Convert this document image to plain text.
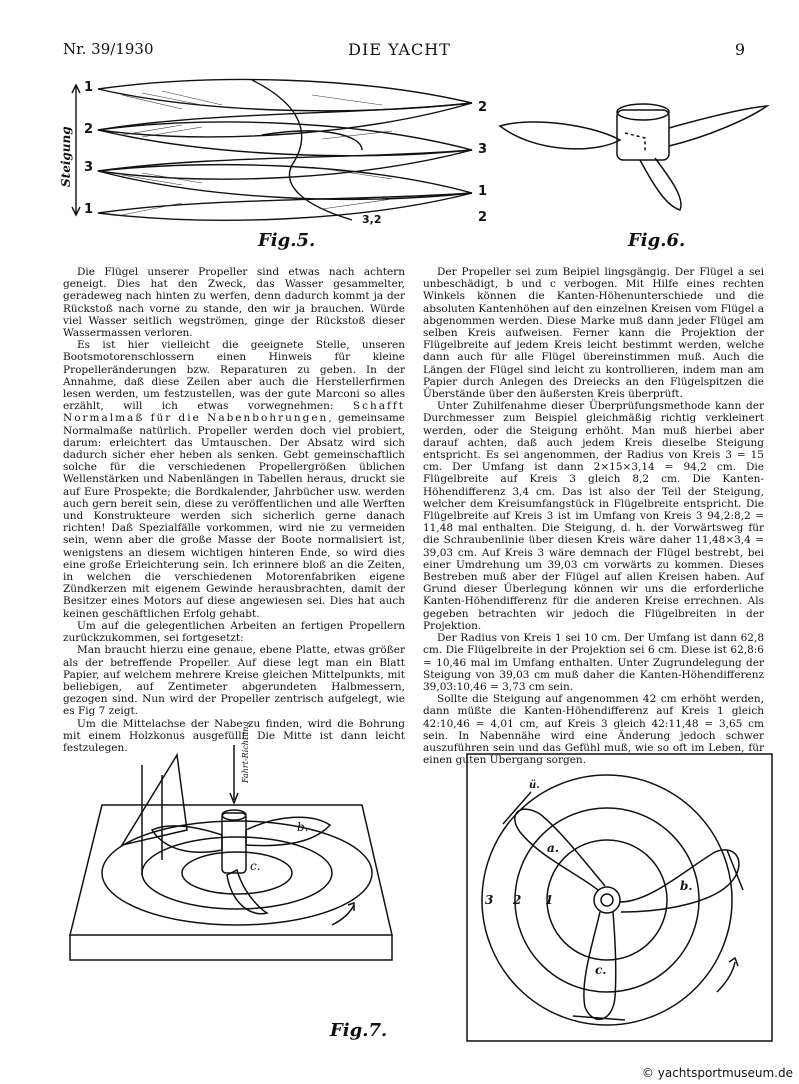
Nr. 39/1930	DIE YACHT	9
1
2
3
1
2
3
1
2
3,2
Steigung
Fig.5.	Fig.6.

Die Flügel unserer Propeller sind etwas nach achtern geneigt. Dies hat den Zweck, das Wasser gesammelter, geradeweg nach hinten zu werfen, denn dadurch kommt ja der Rückstoß nach vorne zu stande, den wir ja brauchen. Würde viel Wasser seitlich wegströmen, ginge der Rückstoß dieser Wassermassen verloren.

Es ist hier vielleicht die geeignete Stelle, unseren Bootsmotorenschlossern einen Hinweis für kleine Propelleränderungen bzw. Reparaturen zu geben. In der Annahme, daß diese Zeilen aber auch die Herstellerfirmen lesen werden, um festzustellen, was der gute Marconi so alles erzählt, will ich etwas vorwegnehmen: Schafft Normalmaß für die Nabenbohrungen, gemeinsame Normalmaße natürlich. Propeller werden doch viel probiert, darum: erleichtert das Umtauschen. Der Absatz wird sich dadurch sicher eher heben als senken. Gebt gemeinschaftlich solche für die verschiedenen Propellergrößen üblichen Wellenstärken und Nabenlängen in Tabellen heraus, druckt sie auf Eure Prospekte; die Bordkalender, Jahrbücher usw. werden auch gern bereit sein, diese zu veröffentlichen und alle Werften und Konstrukteure werden sich sicherlich gerne danach richten! Daß Spezialfälle vorkommen, wird nie zu vermeiden sein, wenn aber die große Masse der Boote normalisiert ist, wenigstens an diesem wichtigen hinteren Ende, so wird dies eine große Erleichterung sein. Ich erinnere bloß an die Zeiten, in welchen die verschiedenen Motorenfabriken eigene Zündkerzen mit eigenem Gewinde herausbrachten, damit der Besitzer eines Motors auf diese angewiesen sei. Dies hat auch keinen geschäftlichen Erfolg gehabt.

Um auf die gelegentlichen Arbeiten an fertigen Propellern zurückzukommen, sei fortgesetzt:

Man braucht hierzu eine genaue, ebene Platte, etwas größer als der betreffende Propeller. Auf diese legt man ein Blatt Papier, auf welchem mehrere Kreise gleichen Mittelpunkts, mit beliebigen, auf Zentimeter abgerundeten Halbmessern, gezogen sind. Nun wird der Propeller zentrisch aufgelegt, wie es Fig 7 zeigt.

Um die Mittelachse der Nabe zu finden, wird die Bohrung mit einem Holzkonus ausgefüllt. Die Mitte ist dann leicht festzulegen.

Der Propeller sei zum Beipiel lingsgängig. Der Flügel a sei unbeschädigt, b und c verbogen. Mit Hilfe eines rechten Winkels können die Kanten-Höhenunterschiede und die absoluten Kantenhöhen auf den einzelnen Kreisen vom Flügel a abgenommen werden. Diese Marke muß dann jeder Flügel am selben Kreis aufweisen. Ferner kann die Projektion der Flügelbreite auf jedem Kreis leicht bestimmt werden, welche dann auch für alle Flügel übereinstimmen muß. Auch die Längen der Flügel sind leicht zu kontrollieren, indem man am Papier durch Anlegen des Dreiecks an den Flügelspitzen die Überstände über den äußersten Kreis überprüft.

Unter Zuhilfenahme dieser Überprüfungsmethode kann der Durchmesser zum Beispiel gleichmäßig richtig verkleinert werden, oder die Steigung erhöht. Man muß hierbei aber darauf achten, daß auch jedem Kreis dieselbe Steigung entspricht. Es sei angenommen, der Radius von Kreis 3 = 15 cm. Der Umfang ist dann 2×15×3,14 = 94,2 cm. Die Flügelbreite auf Kreis 3 gleich 8,2 cm. Die Kanten-Höhendifferenz 3,4 cm. Das ist also der Teil der Steigung, welcher dem Kreisumfangstück in Flügelbreite entspricht. Die Flügelbreite auf Kreis 3 ist im Umfang von Kreis 3 94,2:8,2 = 11,48 mal enthalten. Die Steigung, d. h. der Vorwärtsweg für die Schraubenlinie über diesen Kreis wäre daher 11,48×3,4 = 39,03 cm. Auf Kreis 3 wäre demnach der Flügel bestrebt, bei einer Umdrehung um 39,03 cm vorwärts zu kommen. Dieses Bestreben muß aber der Flügel auf allen Kreisen haben. Auf Grund dieser Überlegung können wir uns die erforderliche Kanten-Höhendifferenz für die anderen Kreise errechnen. Als gegeben betrachten wir jedoch die Flügelbreiten in der Projektion.

Der Radius von Kreis 1 sei 10 cm. Der Umfang ist dann 62,8 cm. Die Flügelbreite in der Projektion sei 6 cm. Diese ist 62,8:6 = 10,46 mal im Umfang enthalten. Unter Zugrundelegung der Steigung von 39,03 cm muß daher die Kanten-Höhendifferenz 39,03:10,46 = 3,73 cm sein.

Sollte die Steigung auf angenommen 42 cm erhöht werden, dann müßte die Kanten-Höhendifferenz auf Kreis 1 gleich 42:10,46 = 4,01 cm, auf Kreis 3 gleich 42:11,48 = 3,65 cm sein. In Nabennähe wird eine Änderung jedoch schwer auszuführen sein und das Gefühl muß, wie so oft im Leben, für einen guten Übergang sorgen.

b.
c.
Fahrt-Richtung
Fig.7.
3 2 1
a.
b.
c.
ü.
© yachtsportmuseum.de
